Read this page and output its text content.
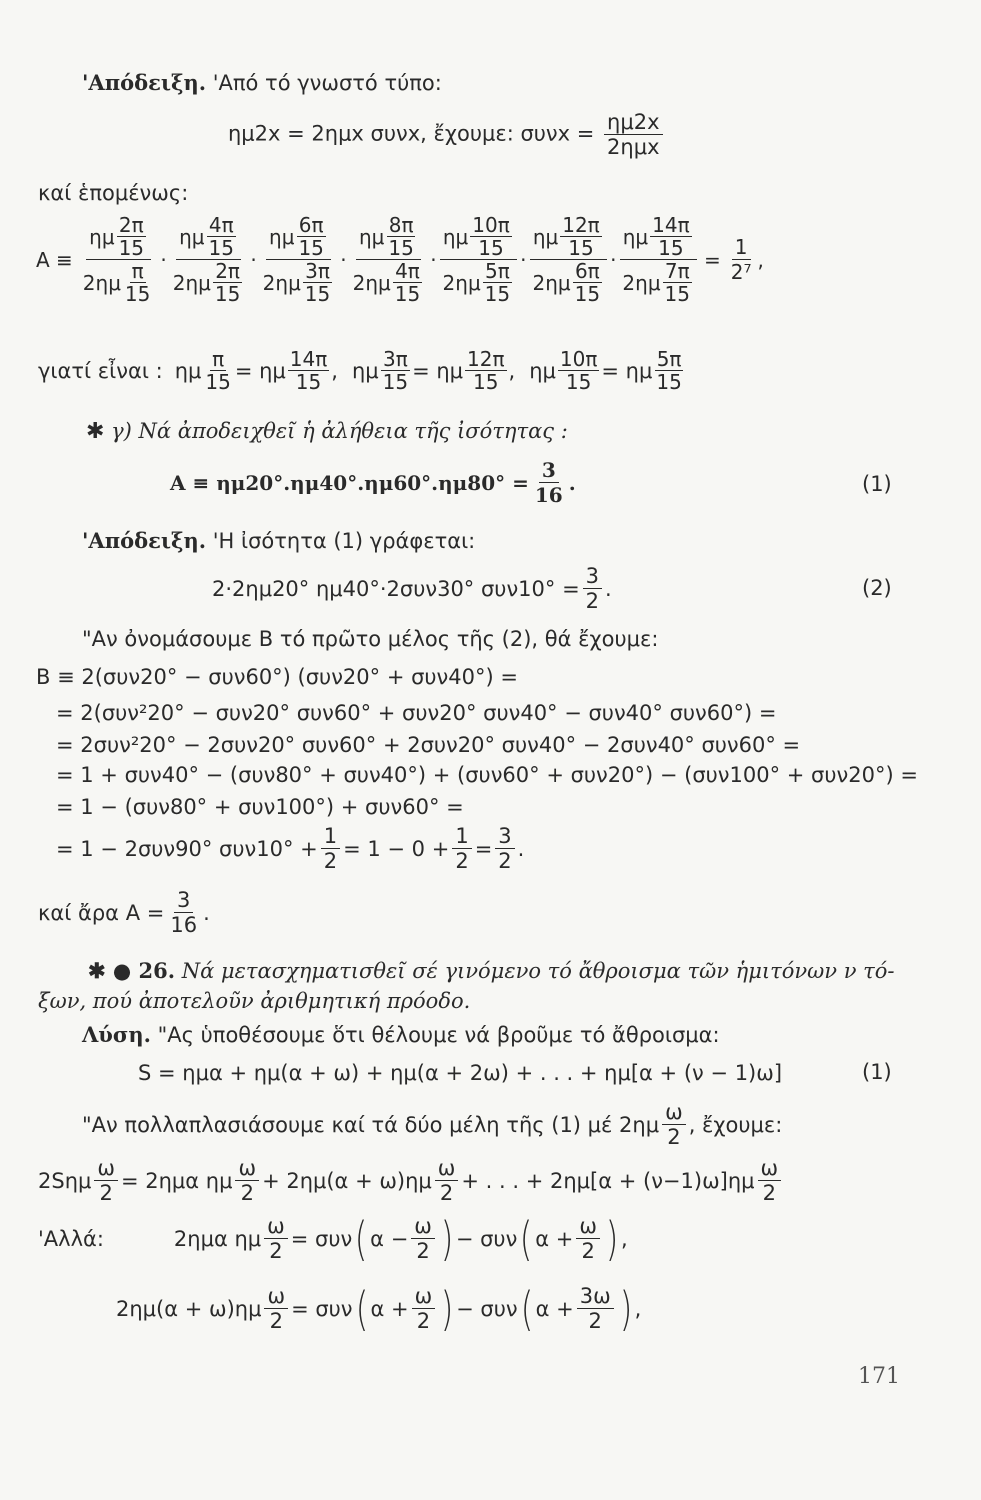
'Απόδειξη. 'Από τό γνωστό τύπο:
ημ2x = 2ημx συνx, ἔχουμε: $\sigma\upsilon\nu x = \frac{\eta\mu 2x}{\text{2ημx}}$
καί ἑπομένως:
$A \equiv \frac{\eta\mu \frac{2\pi}{15}}{2\eta\mu \frac{\pi}{15}} \cdot \frac{\eta\mu \frac{4\pi}{15}}{2\eta\mu \frac{2\pi}{15}} \cdot \frac{\eta\mu \frac{6\pi}{15}}{2\eta\mu \frac{3\pi}{15}} \cdot \frac{\eta\mu \frac{8\pi}{15}}{2\eta\mu \frac{4\pi}{15}} \cdot \frac{\eta\mu \frac{10\pi}{15}}{2\eta\mu \frac{5\pi}{15}} \cdot \frac{\eta\mu \frac{12\pi}{15}}{2\eta\mu \frac{6\pi}{15}} \cdot \frac{\eta\mu \frac{14\pi}{15}}{2\eta\mu \frac{7\pi}{15}} = \frac{1}{\text{2⁷}}$ ,
γιατί εἶναι : ημ $\frac{\pi}{15} = \eta\mu \frac{14\pi}{15}$ , ημ $\frac{3\pi}{15} = \eta\mu \frac{12\pi}{15}$ , ημ $\frac{10\pi}{15} = \eta\mu \frac{5\pi}{15}$
✱ γ) Νά ἀποδειχθεῖ ἡ ἀλήθεια τῆς ἰσότητας :
$A \equiv \eta\mu 20^\circ.\eta\mu 40^\circ.\eta\mu 60^\circ.\eta\mu 80^\circ = \frac{3}{16}$ .	(1)
'Απόδειξη. 'Η ἰσότητα (1) γράφεται:
2·2ημ20° ημ40°·2συν30° $\sigma\upsilon\nu 10^\circ = \frac{3}{2}$ .	(2)
"Αν ὀνομάσουμε B τό πρῶτο μέλος τῆς (2), θά ἔχουμε:
B ≡ 2(συν20° − συν60°) (συν20° + συν40°) =
= 2(συν²20° − συν20° συν60° + συν20° συν40° − συν40° συν60°) =
= 2συν²20° − 2συν20° συν60° + 2συν20° συν40° − 2συν40° συν60° =
= 1 + συν40° − (συν80° + συν40°) + (συν60° + συν20°) − (συν100° + συν20°) =
= 1 − (συν80° + συν100°) + συν60° =
= 1 − 2συν90° $\sigma\upsilon\nu 10^\circ + \frac{1}{2} = 1 - 0 + \frac{1}{2} = \frac{3}{2}$ .
καί ἄρα $A = \frac{3}{16}$ .
✱ ● 26. Νά μετασχηματισθεῖ σέ γινόμενο τό ἄθροισμα τῶν ἡμιτόνων ν τό-
ξων, πού ἀποτελοῦν ἀριθμητική πρόοδο.
Λύση. "Ας ὑποθέσουμε ὅτι θέλουμε νά βροῦμε τό ἄθροισμα:
S = ημα + ημ(α + ω) + ημ(α + 2ω) + . . . + ημ[α + (ν − 1)ω]	(1)
"Αν πολλαπλασιάσουμε καί τά δύο μέλη τῆς (1) μέ $2\eta\mu \frac{\omega}{2}$ , ἔχουμε:
$2S\eta\mu \frac{\omega}{2} = 2\eta\mu\alpha$ ημ $\frac{\omega}{2} + 2\eta\mu(\alpha + \omega)\eta\mu \frac{\omega}{2}$ + . . . + $2\eta\mu[\alpha + (\nu-1)\omega]\eta\mu \frac{\omega}{2}$
'Αλλά:	2ημα ημ $\frac{\omega}{2} = \sigma\upsilon\nu$ ( $\alpha - \frac{\omega}{2}$ ) − συν ( $\alpha + \frac{\omega}{2}$ ) ,
$2\eta\mu(\alpha + \omega)\eta\mu \frac{\omega}{2} = \sigma\upsilon\nu$ ( $\alpha + \frac{\omega}{2}$ ) − συν ( $\alpha + \frac{3\omega}{2}$ ) ,
171
